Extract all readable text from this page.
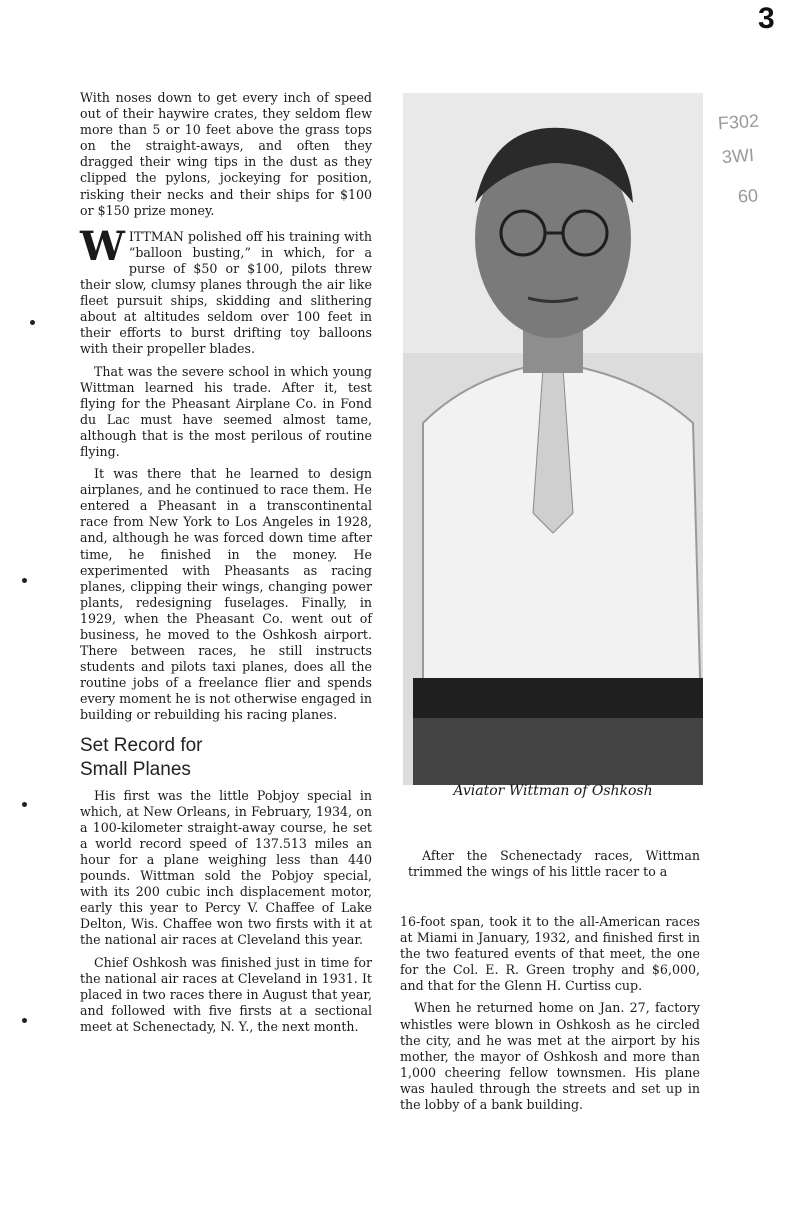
3
F302
3WI
60

With noses down to get every inch of speed out of their haywire crates, they seldom flew more than 5 or 10 feet above the grass tops on the straight-aways, and often they dragged their wing tips in the dust as they clipped the pylons, jockeying for position, risking their necks and their ships for $100 or $150 prize money.

WITTMAN polished off his training with “balloon busting,” in which, for a purse of $50 or $100, pilots threw their slow, clumsy planes through the air like fleet pursuit ships, skidding and slithering about at altitudes seldom over 100 feet in their efforts to burst drifting toy balloons with their propeller blades.

That was the severe school in which young Wittman learned his trade. After it, test flying for the Pheasant Airplane Co. in Fond du Lac must have seemed almost tame, although that is the most perilous of routine flying.

It was there that he learned to design airplanes, and he continued to race them. He entered a Pheasant in a transcontinental race from New York to Los Angeles in 1928, and, although he was forced down time after time, he finished in the money. He experimented with Pheasants as racing planes, clipping their wings, changing power plants, redesigning fuselages. Finally, in 1929, when the Pheasant Co. went out of business, he moved to the Oshkosh airport. There between races, he still instructs students and pilots taxi planes, does all the routine jobs of a freelance flier and spends every moment he is not otherwise engaged in building or rebuilding his racing planes.

Set Record for
Small Planes

His first was the little Pobjoy special in which, at New Orleans, in February, 1934, on a 100-kilometer straight-away course, he set a world record speed of 137.513 miles an hour for a plane weighing less than 440 pounds. Wittman sold the Pobjoy special, with its 200 cubic inch displacement motor, early this year to Percy V. Chaffee of Lake Delton, Wis. Chaffee won two firsts with it at the national air races at Cleveland this year.

Chief Oshkosh was finished just in time for the national air races at Cleveland in 1931. It placed in two races there in August that year, and followed with five firsts at a sectional meet at Schenectady, N. Y., the next month.

Aviator Wittman of Oshkosh

After the Schenectady races, Wittman trimmed the wings of his little racer to a

16-foot span, took it to the all-American races at Miami in January, 1932, and finished first in the two featured events of that meet, the one for the Col. E. R. Green trophy and $6,000, and that for the Glenn H. Curtiss cup.

When he returned home on Jan. 27, factory whistles were blown in Oshkosh as he circled the city, and he was met at the airport by his mother, the mayor of Oshkosh and more than 1,000 cheering fellow townsmen. His plane was hauled through the streets and set up in the lobby of a bank building.
